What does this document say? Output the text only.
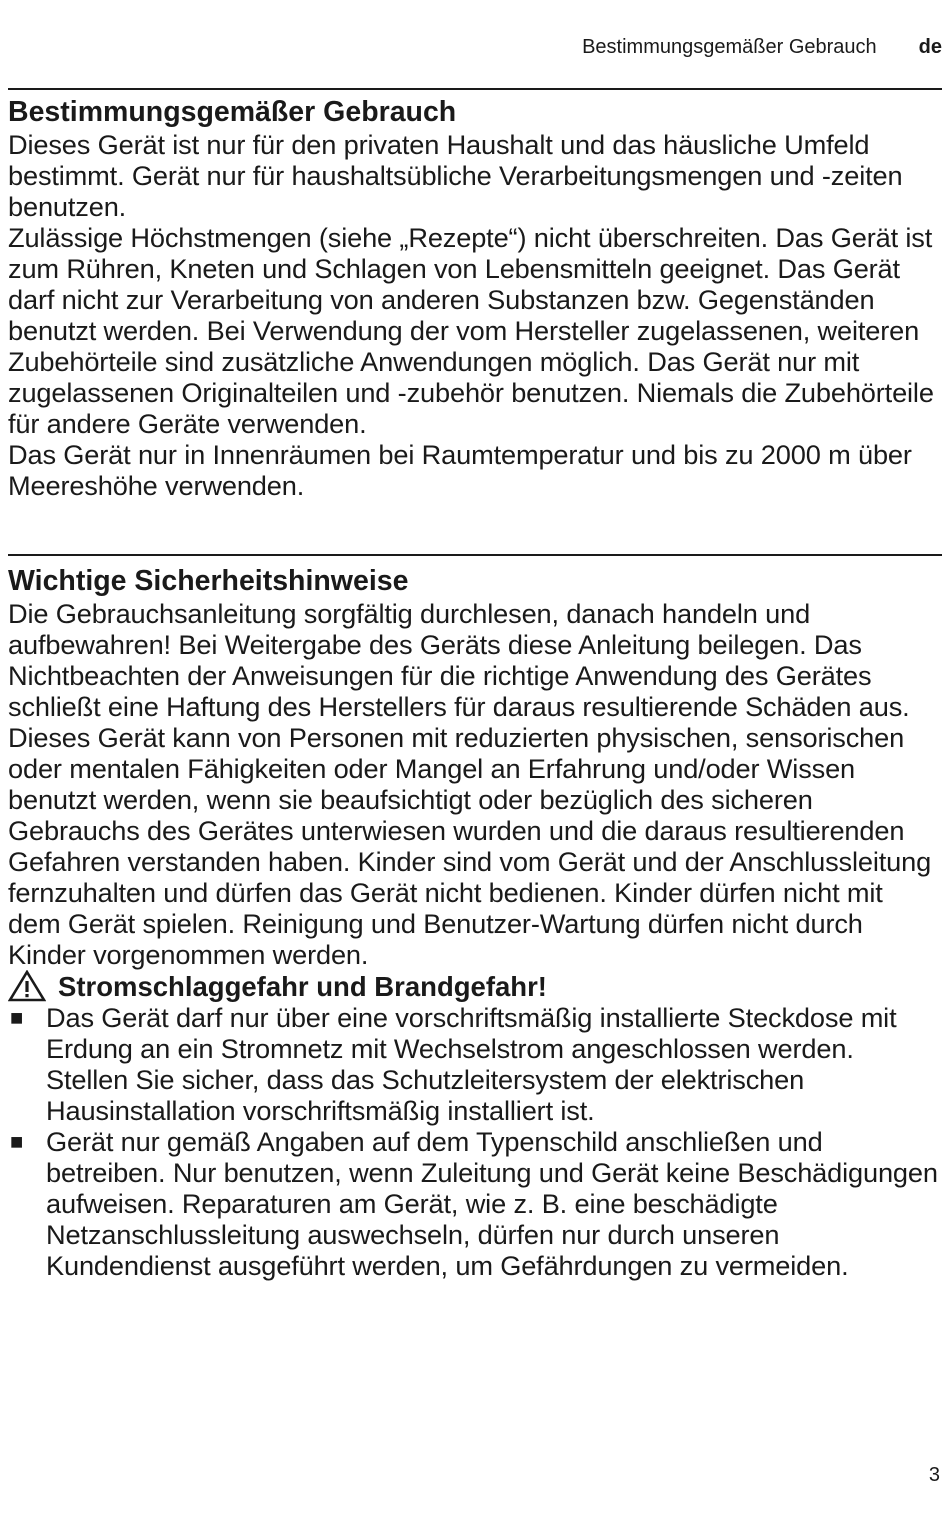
Bestimmungsgemäßer Gebrauch de
Bestimmungsgemäßer Gebrauch

Dieses Gerät ist nur für den privaten Haushalt und das häusliche Umfeld bestimmt. Gerät nur für haushaltsübliche Verarbeitungsmengen und -zeiten benutzen.

Zulässige Höchstmengen (siehe „Rezepte“) nicht überschreiten. Das Gerät ist zum Rühren, Kneten und Schlagen von Lebensmitteln geeignet. Das Gerät darf nicht zur Verarbeitung von anderen Substanzen bzw. Gegenständen benutzt werden. Bei Verwendung der vom Hersteller zugelassenen, weiteren Zubehörteile sind zusätzliche Anwendungen möglich. Das Gerät nur mit zugelassenen Originalteilen und -zubehör benutzen. Niemals die Zubehörteile für andere Geräte verwenden.

Das Gerät nur in Innenräumen bei Raumtemperatur und bis zu 2000 m über Meereshöhe verwenden.

Wichtige Sicherheitshinweise

Die Gebrauchsanleitung sorgfältig durchlesen, danach handeln und aufbewahren! Bei Weitergabe des Geräts diese Anleitung beilegen. Das Nichtbeachten der Anweisungen für die richtige Anwendung des Gerätes schließt eine Haftung des Herstellers für daraus resultierende Schäden aus.

Dieses Gerät kann von Personen mit reduzierten physischen, sensorischen oder mentalen Fähigkeiten oder Mangel an Erfahrung und/oder Wissen benutzt werden, wenn sie beaufsichtigt oder bezüglich des sicheren Gebrauchs des Gerätes unterwiesen wurden und die daraus resultierenden Gefahren verstanden haben. Kinder sind vom Gerät und der Anschlussleitung fernzuhalten und dürfen das Gerät nicht bedienen. Kinder dürfen nicht mit dem Gerät spielen. Reinigung und Benutzer-Wartung dürfen nicht durch Kinder vorgenommen werden.

Stromschlaggefahr und Brandgefahr!
■ Das Gerät darf nur über eine vorschriftsmäßig installierte Steckdose mit Erdung an ein Stromnetz mit Wechselstrom angeschlossen werden. Stellen Sie sicher, dass das Schutzleitersystem der elektrischen Hausinstallation vorschriftsmäßig installiert ist.
■ Gerät nur gemäß Angaben auf dem Typenschild anschließen und betreiben. Nur benutzen, wenn Zuleitung und Gerät keine Beschädigungen aufweisen. Reparaturen am Gerät, wie z. B. eine beschädigte Netzanschlussleitung auswechseln, dürfen nur durch unseren Kundendienst ausgeführt werden, um Gefährdungen zu vermeiden.
3
